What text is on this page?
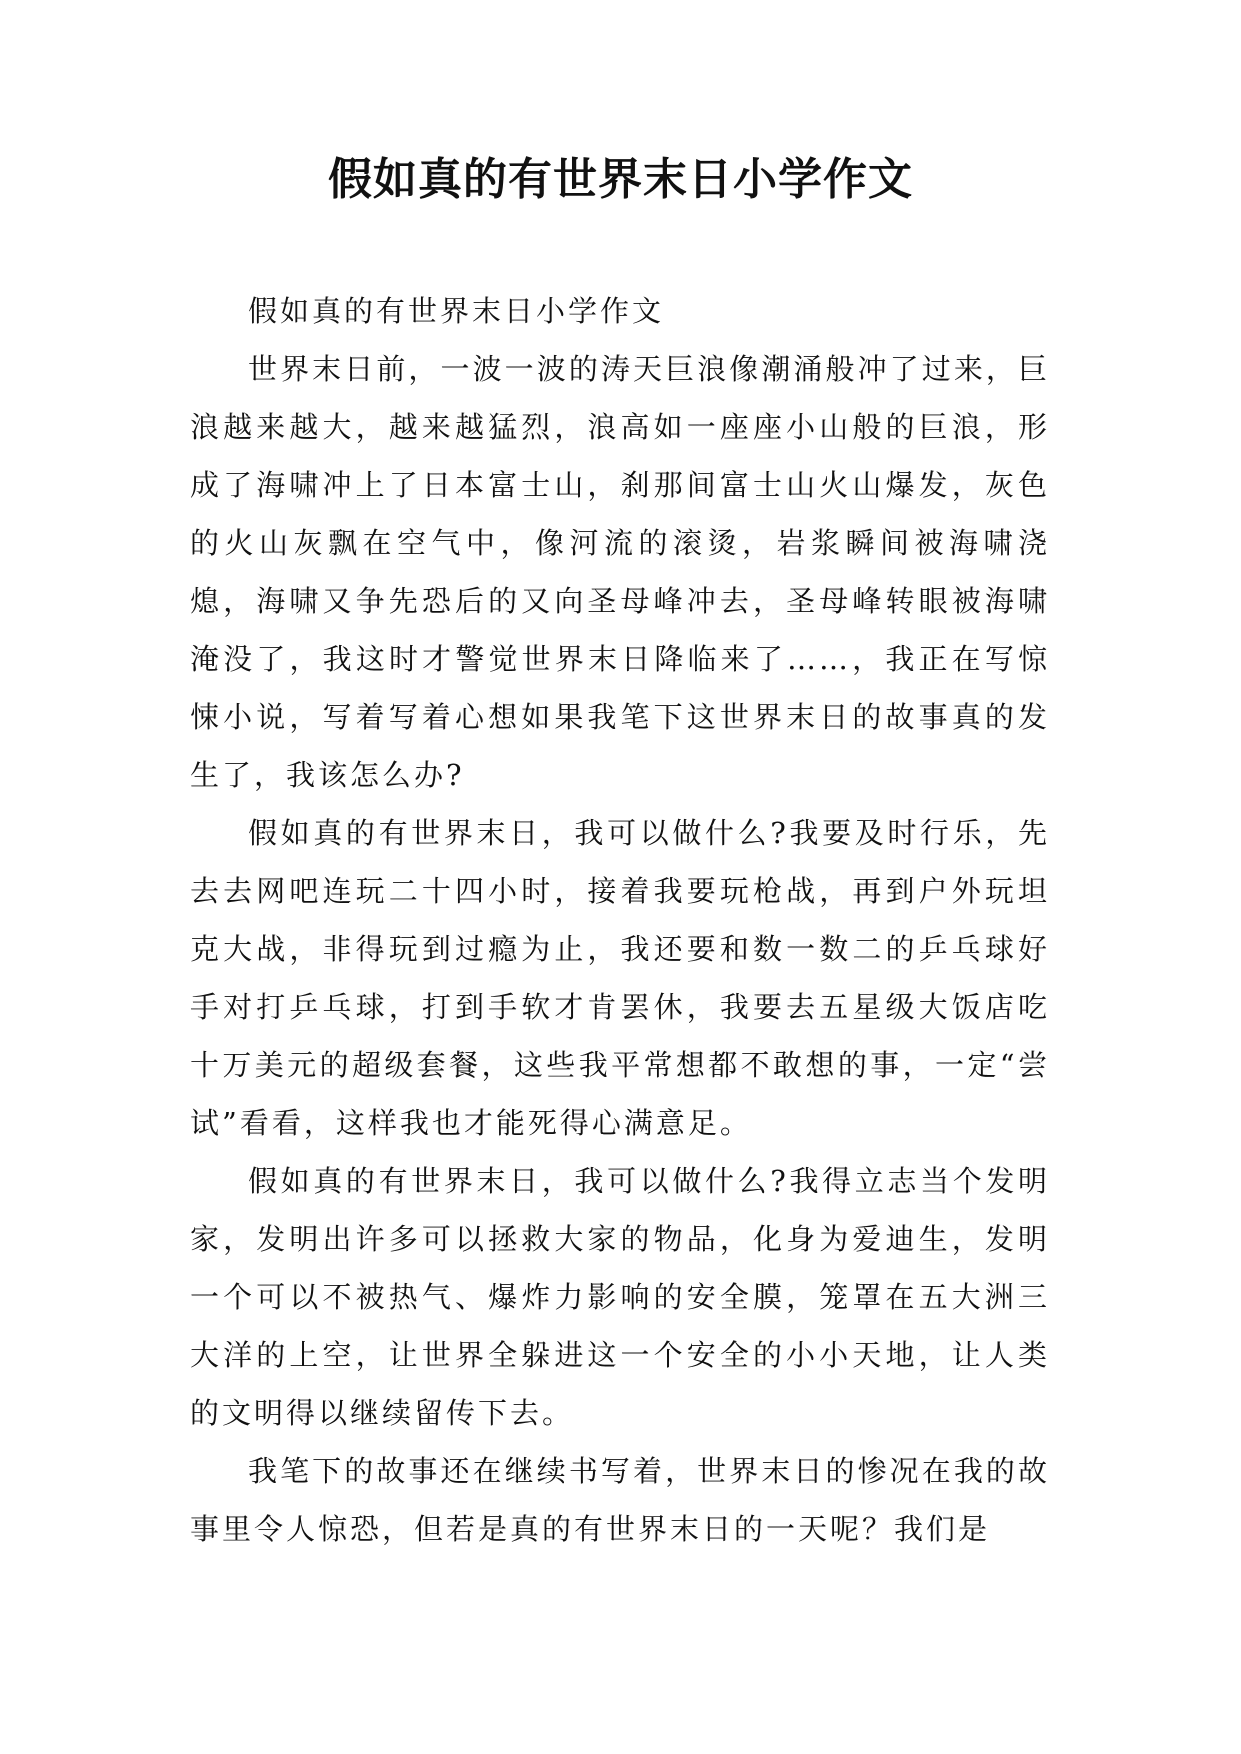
假如真的有世界末日小学作文

假如真的有世界末日小学作文

世界末日前，一波一波的涛天巨浪像潮涌般冲了过来，巨浪越来越大，越来越猛烈，浪高如一座座小山般的巨浪，形成了海啸冲上了日本富士山，刹那间富士山火山爆发，灰色的火山灰飘在空气中，像河流的滚烫，岩浆瞬间被海啸浇熄，海啸又争先恐后的又向圣母峰冲去，圣母峰转眼被海啸淹没了，我这时才警觉世界末日降临来了……，我正在写惊悚小说，写着写着心想如果我笔下这世界末日的故事真的发生了，我该怎么办?

假如真的有世界末日，我可以做什么?我要及时行乐，先去去网吧连玩二十四小时，接着我要玩枪战，再到户外玩坦克大战，非得玩到过瘾为止，我还要和数一数二的乒乓球好手对打乒乓球，打到手软才肯罢休，我要去五星级大饭店吃十万美元的超级套餐，这些我平常想都不敢想的事，一定“尝试”看看，这样我也才能死得心满意足。

假如真的有世界末日，我可以做什么?我得立志当个发明家，发明出许多可以拯救大家的物品，化身为爱迪生，发明一个可以不被热气、爆炸力影响的安全膜，笼罩在五大洲三大洋的上空，让世界全躲进这一个安全的小小天地，让人类的文明得以继续留传下去。

我笔下的故事还在继续书写着，世界末日的惨况在我的故事里令人惊恐，但若是真的有世界末日的一天呢？我们是
